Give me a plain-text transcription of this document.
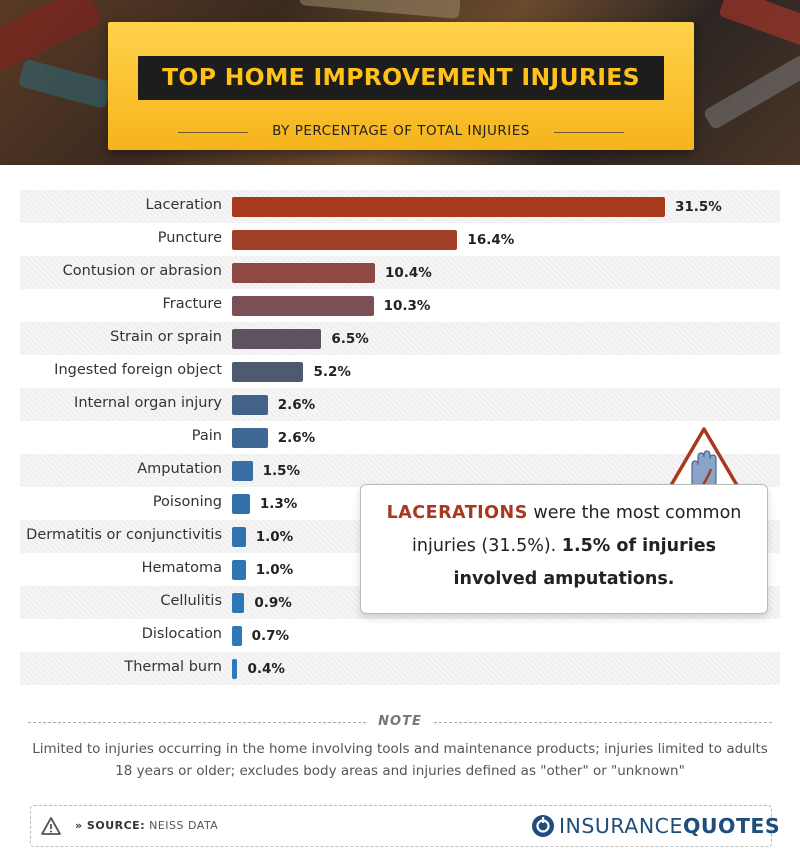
TOP HOME IMPROVEMENT INJURIES
BY PERCENTAGE OF TOTAL INJURIES
Laceration	31.5%
Puncture	16.4%
Contusion or abrasion	10.4%
Fracture	10.3%
Strain or sprain	6.5%
Ingested foreign object	5.2%
Internal organ injury	2.6%
Pain	2.6%
Amputation	1.5%
Poisoning	1.3%
Dermatitis or conjunctivitis 1.0%
Hematoma 1.0%
Cellulitis 0.9%
Dislocation 0.7%
Thermal burn 0.4%
LACERATIONS were the most common
injuries (31.5%). 1.5% of injuries
involved amputations.
NOTE
Limited to injuries occurring in the home involving tools and maintenance products; injuries limited to adults 18 years or older; excludes body areas and injuries defined as "other" or "unknown"
» SOURCE: NEISS DATA	INSURANCEQUOTES
